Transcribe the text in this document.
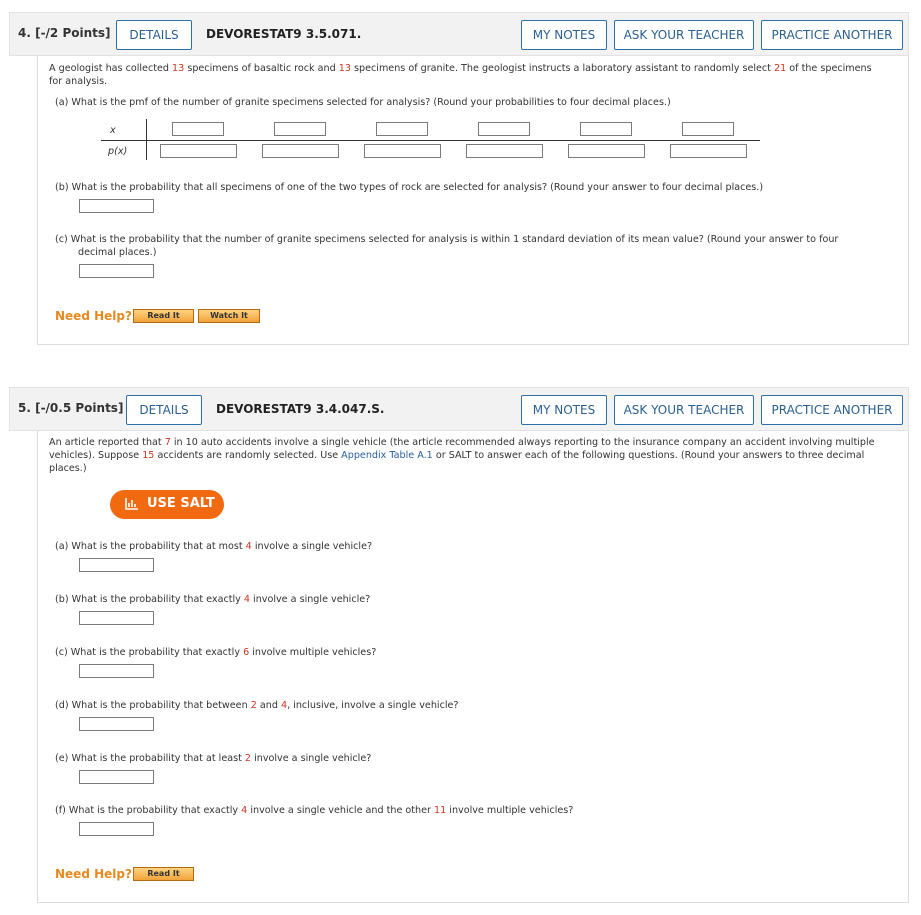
4. [-/2 Points]	DETAILS	DEVORESTAT9 3.5.071.	MY NOTES	ASK YOUR TEACHER	PRACTICE ANOTHER
A geologist has collected 13 specimens of basaltic rock and 13 specimens of granite. The geologist instructs a laboratory assistant to randomly select 21 of the specimens
for analysis.
(a) What is the pmf of the number of granite specimens selected for analysis? (Round your probabilities to four decimal places.)
x
p(x)
(b) What is the probability that all specimens of one of the two types of rock are selected for analysis? (Round your answer to four decimal places.)
(c) What is the probability that the number of granite specimens selected for analysis is within 1 standard deviation of its mean value? (Round your answer to four
decimal places.)
Need Help?	Read It	Watch It
5. [-/0.5 Points]	DETAILS	DEVORESTAT9 3.4.047.S.	MY NOTES	ASK YOUR TEACHER	PRACTICE ANOTHER
An article reported that 7 in 10 auto accidents involve a single vehicle (the article recommended always reporting to the insurance company an accident involving multiple
vehicles). Suppose 15 accidents are randomly selected. Use Appendix Table A.1 or SALT to answer each of the following questions. (Round your answers to three decimal
places.)
USE SALT
(a) What is the probability that at most 4 involve a single vehicle?
(b) What is the probability that exactly 4 involve a single vehicle?
(c) What is the probability that exactly 6 involve multiple vehicles?
(d) What is the probability that between 2 and 4, inclusive, involve a single vehicle?
(e) What is the probability that at least 2 involve a single vehicle?
(f) What is the probability that exactly 4 involve a single vehicle and the other 11 involve multiple vehicles?
Need Help?	Read It
